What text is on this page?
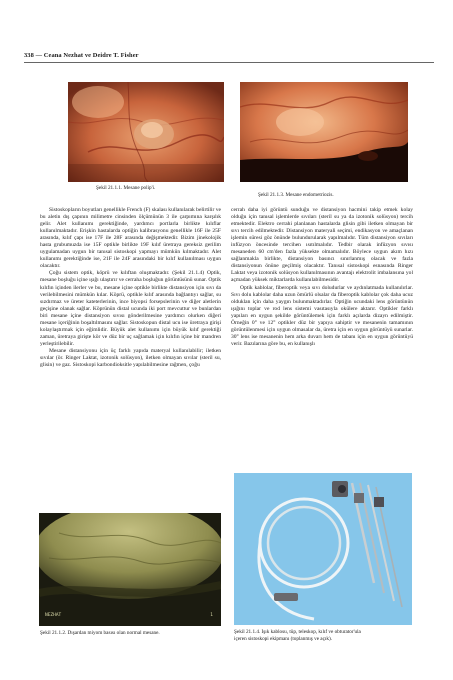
338 — Ceana Nezhat ve Deidre T. Fisher
Şekil 21.1.1. Mesane polip'i.
Şekil 21.1.3. Mesane endometriozis.

Sistoskopların boyutları genellikle French (F) skalası kullanılarak belirtilir ve bu aletin dış çapının milimetre cinsinden ölçümünün 3 ile çarpımına karşılık gelir. Alet kullanımı gerektiğinde, yardımcı portlarla birlikte kılıflar kullanılmaktadır. Erişkin hastalarda optiğin kalibrasyonu genellikle 16F ile 25F arasında, kılıf çapı ise 17F ile 28F arasında değişmektedir. Bizim jinekolojik hasta grubumuzda ise 15F optikle birlikte 19F kılıf üretraya gereksiz gerilim uygulamadan uygun bir tanısal sistoskopi yapmayı mümkün kılmaktadır. Alet kullanımı gerektiğinde ise, 21F ile 24F arasındaki bir kılıf kullanılması uygun olacaktır.

Çoğu sistem optik, köprü ve kılıftan oluşmaktadır. (Şekil 21.1.4) Optik, mesane boşluğu içine ışığı ulaştırır ve cerraha boşluğun görüntüsünü sunar. Optik kılıfın içinden ilerler ve bu, mesane içine optikle birlikte distansiyon için sıvı da verilebilmesini mümkün kılar. Köprü, optikle kılıf arasında bağlantıyı sağlar, su sızdırmaz ve üreter kateterlerinin, ince biyopsi forsepslerinin ve diğer aletlerin geçişine olanak sağlar. Köprünün distal ucunda iki port mevcuttur ve bunlardan biri mesane içine distansiyon sıvısı gönderilmesine yardımcı olurken diğeri mesane içeriğinin boşaltılmasını sağlar. Sistoskopun distal ucu ise üretraya girişi kolaylaştırmak için eğimlidir. Büyük alet kullanımı için büyük kılıf gerektiği zaman, üretraya girişte kör ve düz bir uç sağlamak için kılıfın içine bir mandren yerleştirilebilir.

Mesane distansiyonu için üç farklı yapıda materyal kullanılabilir; iletken sıvılar (ör. Ringer Laktat, izotonik solüsyon), iletken olmayan sıvılar (steril su, glisin) ve gaz. Sistoskopi karbondioksitle yapılabilmesine rağmen, çoğu

cerrah daha iyi görüntü sunduğu ve distansiyon hacmini takip etmek kolay olduğu için tanısal işlemlerde sıvıları (steril su ya da izotonik solüsyon) tercih etmektedir. Elektro cerrahi planlanan hastalarda glisin gibi iletken olmayan bir sıvı tercih edilmektedir. Distansiyon materyali seçimi, endikasyon ve amaçlanan işlemin süresi göz önünde bulundurularak yapılmalıdır. Tüm distansiyon sıvıları infüzyon öncesinde tercihen ısıtılmalıdır. Tedbir olarak infüzyon sıvısı mesaneden 60 cm'den fazla yüksekte olmamalıdır. Böylece uygun akım hızı sağlanmakla birlikte, distansiyon basıncı sınırlanmış olacak ve fazla distansiyonun önüne geçilmiş olacaktır. Tanısal sistoskopi esnasında Ringer Laktat veya izotonik solüsyon kullanılmasının avantajı elektrolit imbalansına yol açmadan yüksek miktarlarda kullanılabilmesidir.

Optik kablolar, fiberoptik veya sıvı doludurlar ve aydınlatmada kullanılırlar. Sıvı dolu kablolar daha uzun ömürlü olsalar da fiberoptik kablolar çok daha ucuz olduklan için daha yaygın bulunmaktadırlar. Optiğin ucundaki lens görüntünün ışığını toplar ve rod lens sistemi vasıtasıyla okülere aktarır. Optikler farklı yapıları en uygun şekilde görüntülemek için farklı açılarda dizayn edilmiştir. Örneğin 0° ve 12° optikler düz bir yapıya sahiptir ve mesanenin tamamının görüntülenmesi için uygun olmasalar da, üretra için en uygun görüntüyü sunarlar. 30° lens ise mesanenin hem arka duvarı hem de tabanı için en uygun görüntüyü verir. Bazılarına göre bu, en kullanışlı

NEZHAT	1
Şekil 21.1.2. Dışardan miyom basısı olan normal mesane.	Şekil 21.1.4. Işık kablosu, tüp, teleskop, kılıf ve obturator'ula
içeren sistoskopi ekipmanı (toplanmış ve açık).
